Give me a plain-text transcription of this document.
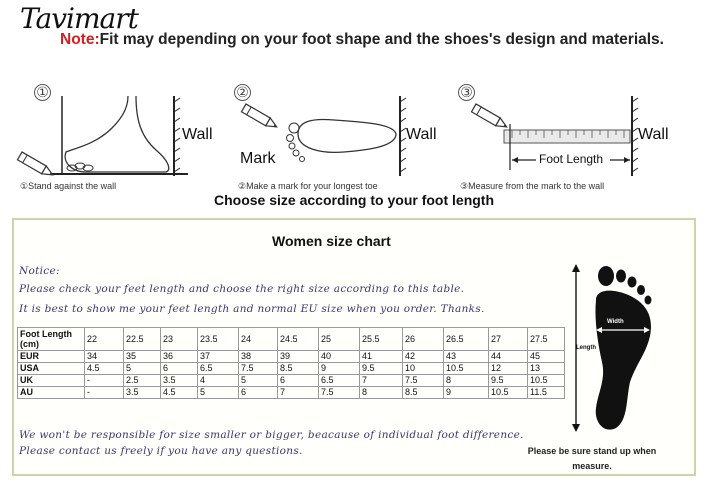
Tavimart
Note:Fit may depending on your foot shape and the shoes's design and materials.
①
Wall
①Stand against the wall
②
Wall
Mark
②Make a mark for your longest toe
③
Wall
Foot Length
③Measure from the mark to the wall
Choose size according to your foot length
Women size chart
Notice:
Please check your feet length and choose the right size according to this table.
It is best to show me your feet length and normal EU size when you order. Thanks.
Foot Length (cm)	22	22.5	23	23.5	24	24.5	25	25.5	26	26.5	27	27.5
EUR	34	35	36	37	38	39	40	41	42	43	44	45
USA	4.5	5	6	6.5	7.5	8.5	9	9.5	10	10.5	12	13
UK	-	2.5	3.5	4	5	6	6.5	7	7.5	8	9.5	10.5
AU	-	3.5	4.5	5	6	7	7.5	8	8.5	9	10.5	11.5
We won't be responsible for size smaller or bigger, beacause of individual foot difference.
Please contact us freely if you have any questions.
Width
Length
Please be sure stand up when measure.
